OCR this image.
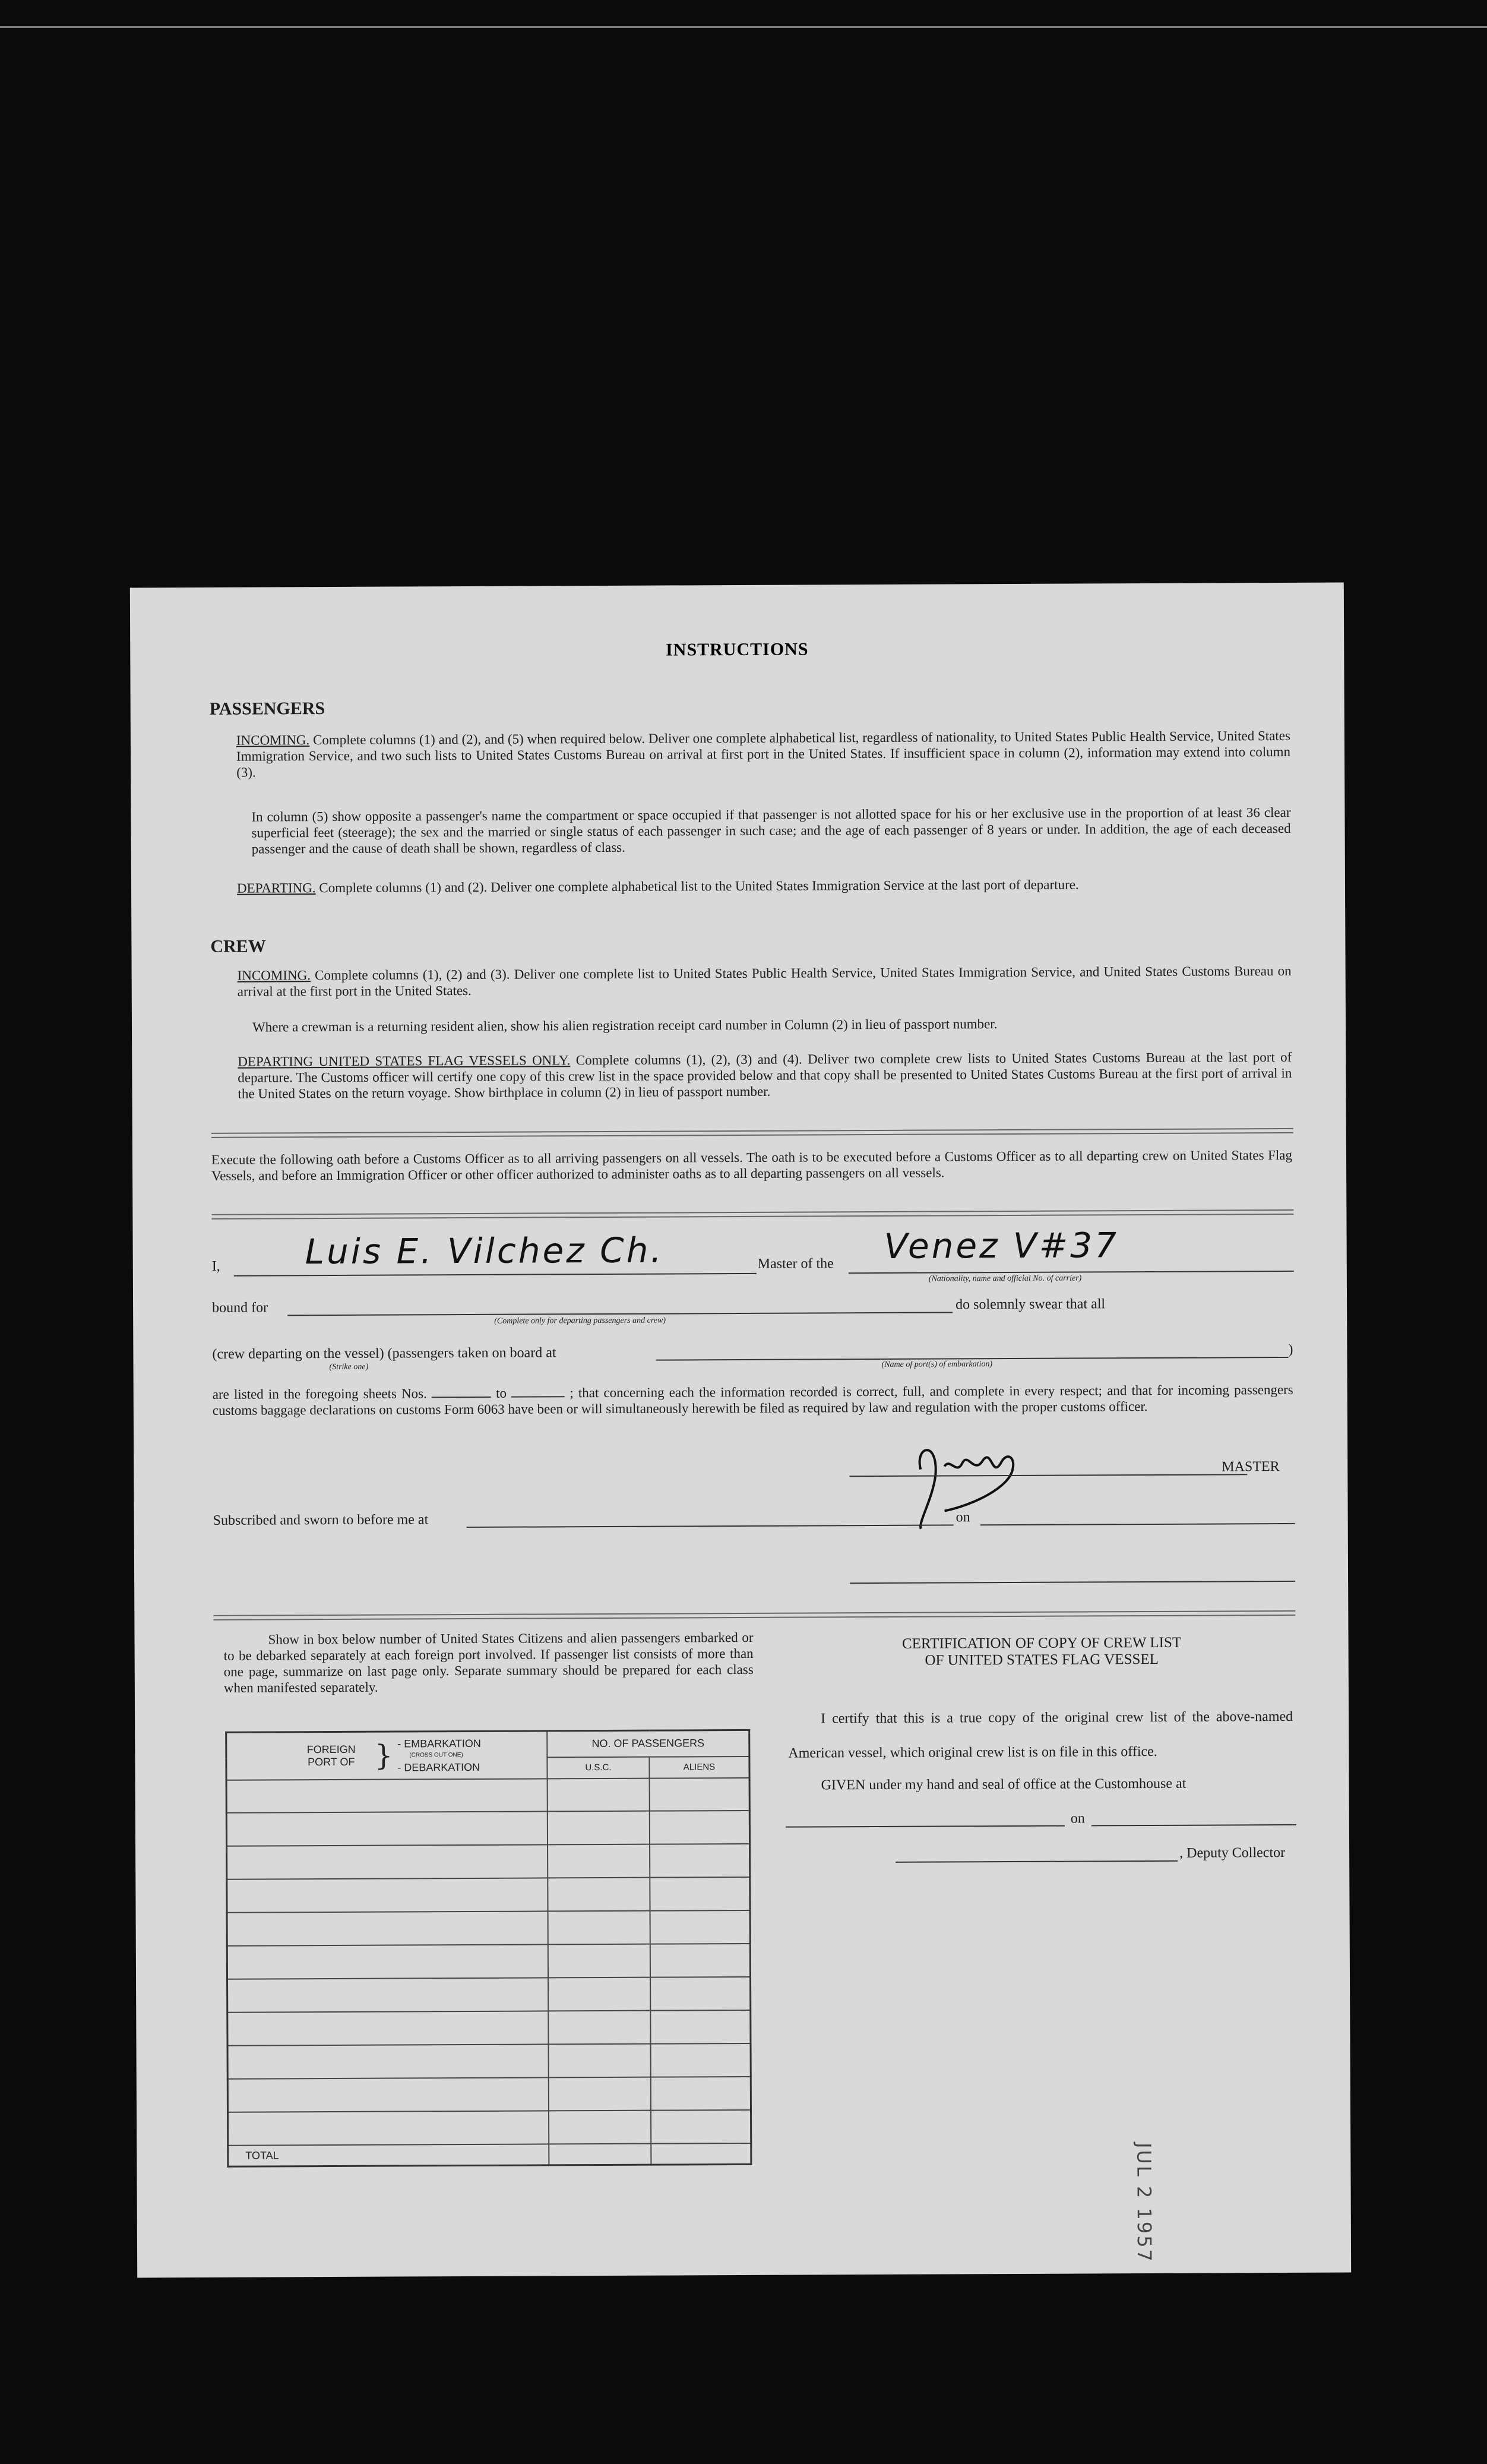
INSTRUCTIONS
PASSENGERS
INCOMING. Complete columns (1) and (2), and (5) when required below. Deliver one complete alphabetical list, regardless of nationality, to United States Public Health Service, United States Immigration Service, and two such lists to United States Customs Bureau on arrival at first port in the United States. If insufficient space in column (2), information may extend into column (3).
In column (5) show opposite a passenger's name the compartment or space occupied if that passenger is not allotted space for his or her exclusive use in the proportion of at least 36 clear superficial feet (steerage); the sex and the married or single status of each passenger in such case; and the age of each passenger of 8 years or under. In addition, the age of each deceased passenger and the cause of death shall be shown, regardless of class.
DEPARTING. Complete columns (1) and (2). Deliver one complete alphabetical list to the United States Immigration Service at the last port of departure.
CREW
INCOMING. Complete columns (1), (2) and (3). Deliver one complete list to United States Public Health Service, United States Immigration Service, and United States Customs Bureau on arrival at the first port in the United States.
Where a crewman is a returning resident alien, show his alien registration receipt card number in Column (2) in lieu of passport number.
DEPARTING UNITED STATES FLAG VESSELS ONLY. Complete columns (1), (2), (3) and (4). Deliver two complete crew lists to United States Customs Bureau at the last port of departure. The Customs officer will certify one copy of this crew list in the space provided below and that copy shall be presented to United States Customs Bureau at the first port of arrival in the United States on the return voyage. Show birthplace in column (2) in lieu of passport number.
Execute the following oath before a Customs Officer as to all arriving passengers on all vessels. The oath is to be executed before a Customs Officer as to all departing crew on United States Flag Vessels, and before an Immigration Officer or other officer authorized to administer oaths as to all departing passengers on all vessels.
I, Luis E. Vilchez Ch.	Master of the Venez V#37
(Nationality, name and official No. of carrier)
bound for
(Complete only for departing passengers and crew)
do solemnly swear that all
(crew departing on the vessel) (passengers taken on board at	)
(Strike one)	(Name of port(s) of embarkation)
are listed in the foregoing sheets Nos.	to	; that concerning each the information recorded is correct, full, and complete in every respect; and that for incoming passengers customs baggage declarations on customs Form 6063 have been or will simultaneously herewith be filed as required by law and regulation with the proper customs officer.
MASTER
Subscribed and sworn to before me at	on
Show in box below number of United States Citizens and alien passengers embarked or to be debarked separately at each foreign port involved. If passenger list consists of more than one page, summarize on last page only. Separate summary should be prepared for each class when manifested separately.
FOREIGN PORT OF } - EMBARKATION
(CROSS OUT ONE)
- DEBARKATION	NO. OF PASSENGERS	
	U.S.C.	ALIENS

TOTAL		
CERTIFICATION OF COPY OF CREW LIST
OF UNITED STATES FLAG VESSEL
I certify that this is a true copy of the original crew list of the above-named American vessel, which original crew list is on file in this office.
GIVEN under my hand and seal of office at the Customhouse at
on
, Deputy Collector
JUL 2 1957
